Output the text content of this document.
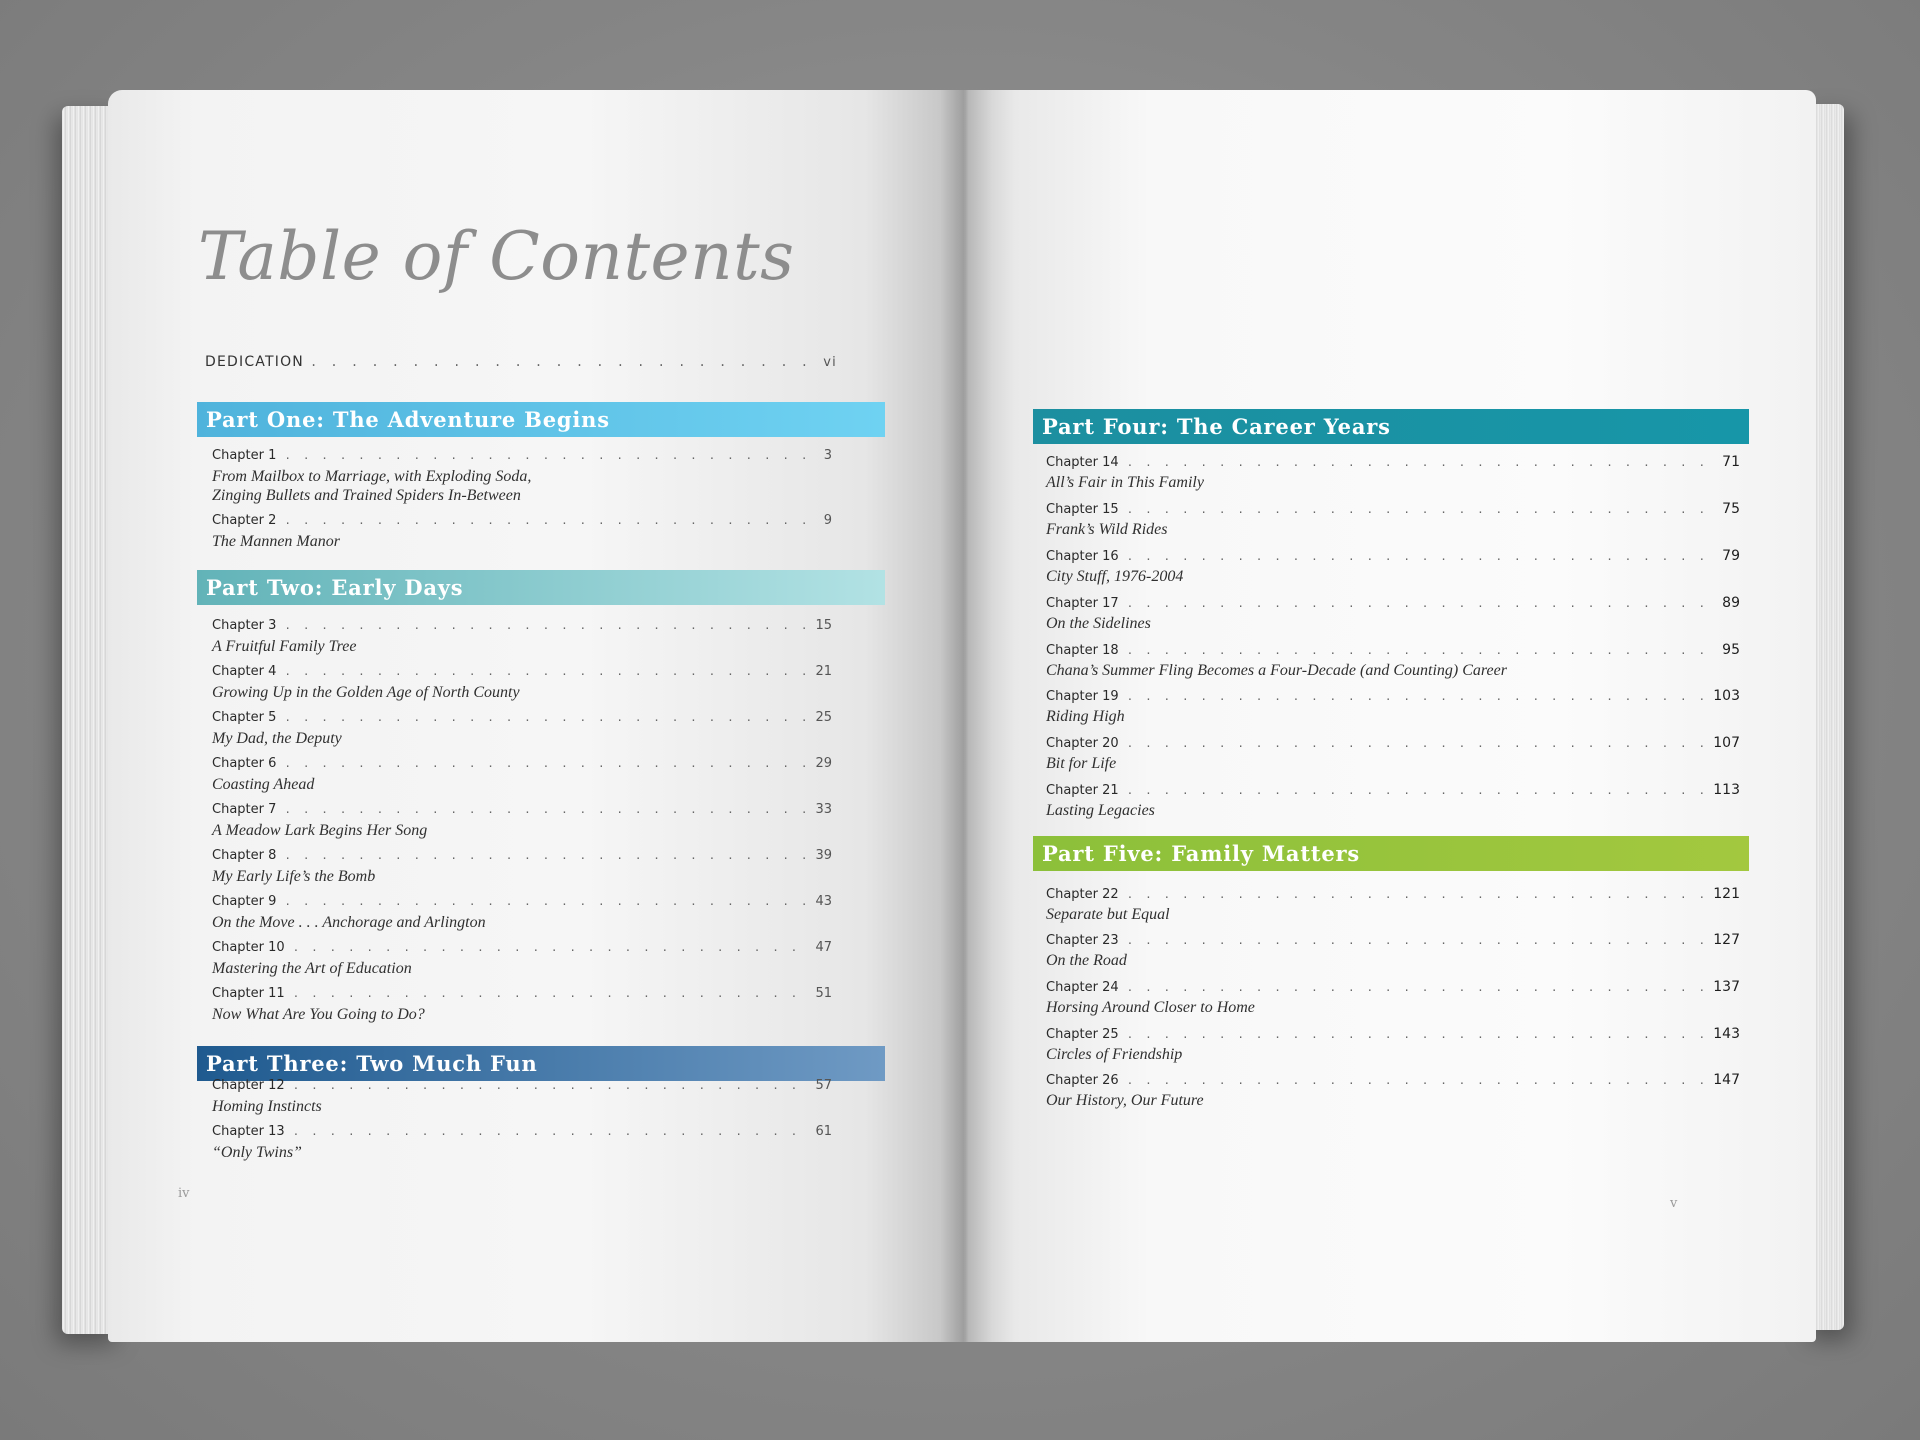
Table of Contents
DEDICATION . . .	vi
Part One: The Adventure Begins
Chapter 1 . . .	3
From Mailbox to Marriage, with Exploding Soda,
Zinging Bullets and Trained Spiders In-Between
Chapter 2 . . .	9
The Mannen Manor
Part Two: Early Days
Chapter 3 . . .	15
A Fruitful Family Tree
Chapter 4 . . .	21
Growing Up in the Golden Age of North County
Chapter 5 . . .	25
My Dad, the Deputy
Chapter 6 . . .	29
Coasting Ahead
Chapter 7 . . .	33
A Meadow Lark Begins Her Song
Chapter 8 . . .	39
My Early Life’s the Bomb
Chapter 9 . . .	43
On the Move . . . Anchorage and Arlington
Chapter 10 . . .	47
Mastering the Art of Education
Chapter 11 . . .	51
Now What Are You Going to Do?
Part Three: Two Much Fun
Chapter 12 . . .	57
Homing Instincts
Chapter 13 . . .	61
“Only Twins”
iv
Part Four: The Career Years
Chapter 14 . . .	71
All’s Fair in This Family
Chapter 15 . . .	75
Frank’s Wild Rides
Chapter 16 . . .	79
City Stuff, 1976-2004
Chapter 17 . . .	89
On the Sidelines
Chapter 18 . . .	95
Chana’s Summer Fling Becomes a Four-Decade (and Counting) Career
Chapter 19 . . .	103
Riding High
Chapter 20 . . .	107
Bit for Life
Chapter 21 . . .	113
Lasting Legacies
Part Five: Family Matters
Chapter 22 . . .	121
Separate but Equal
Chapter 23 . . .	127
On the Road
Chapter 24 . . .	137
Horsing Around Closer to Home
Chapter 25 . . .	143
Circles of Friendship
Chapter 26 . . .	147
Our History, Our Future
v
